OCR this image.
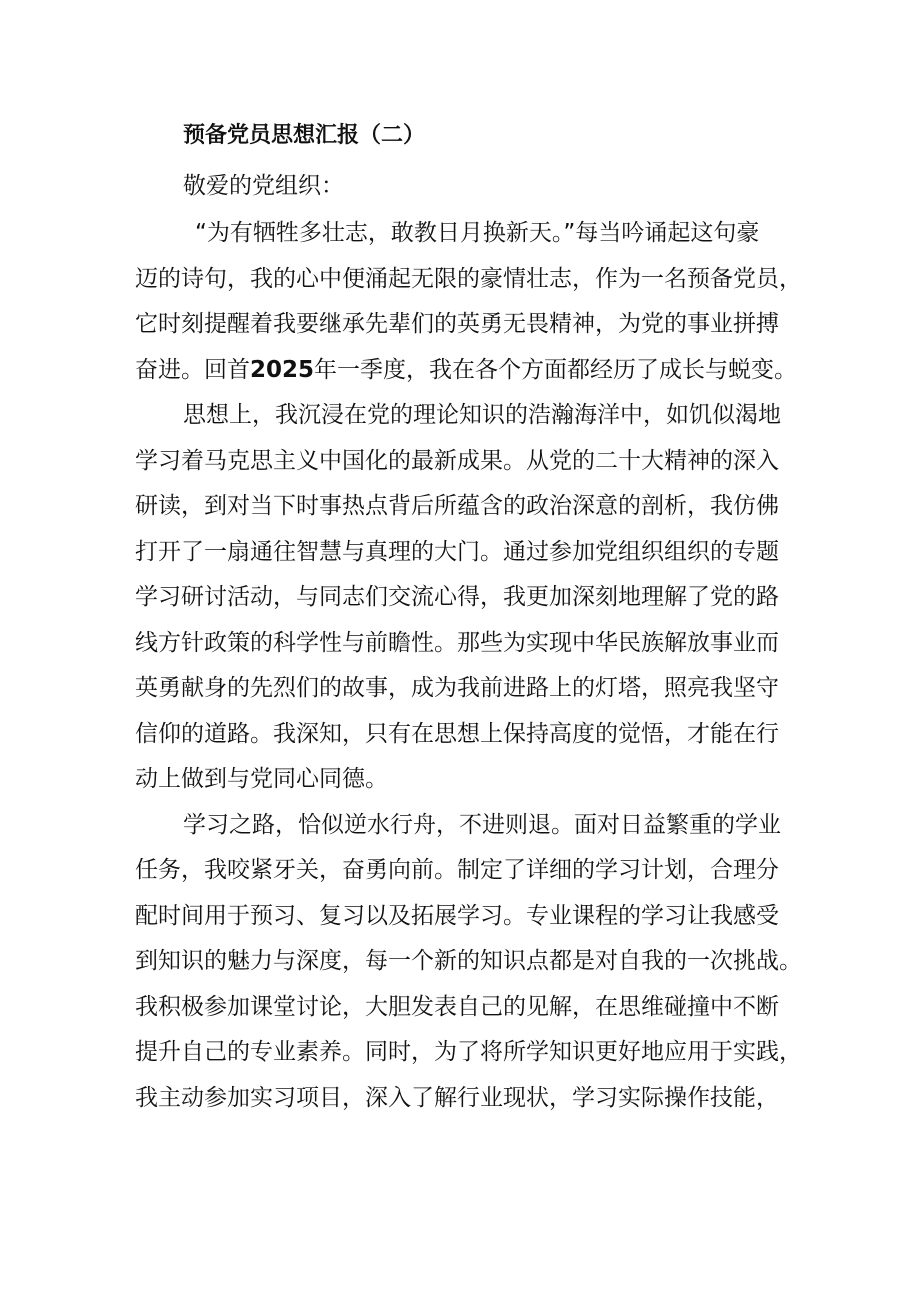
预备党员思想汇报（二）

敬爱的党组织：

“为有牺牲多壮志，敢教日月换新天。”每当吟诵起这句豪
迈的诗句，我的心中便涌起无限的豪情壮志，作为一名预备党员，
它时刻提醒着我要继承先辈们的英勇无畏精神，为党的事业拼搏
奋进。回首2025年一季度，我在各个方面都经历了成长与蜕变。
思想上，我沉浸在党的理论知识的浩瀚海洋中，如饥似渴地
学习着马克思主义中国化的最新成果。从党的二十大精神的深入
研读，到对当下时事热点背后所蕴含的政治深意的剖析，我仿佛
打开了一扇通往智慧与真理的大门。通过参加党组织组织的专题
学习研讨活动，与同志们交流心得，我更加深刻地理解了党的路
线方针政策的科学性与前瞻性。那些为实现中华民族解放事业而
英勇献身的先烈们的故事，成为我前进路上的灯塔，照亮我坚守
信仰的道路。我深知，只有在思想上保持高度的觉悟，才能在行
动上做到与党同心同德。
学习之路，恰似逆水行舟，不进则退。面对日益繁重的学业
任务，我咬紧牙关，奋勇向前。制定了详细的学习计划，合理分
配时间用于预习、复习以及拓展学习。专业课程的学习让我感受
到知识的魅力与深度，每一个新的知识点都是对自我的一次挑战。
我积极参加课堂讨论，大胆发表自己的见解，在思维碰撞中不断
提升自己的专业素养。同时，为了将所学知识更好地应用于实践，
我主动参加实习项目，深入了解行业现状，学习实际操作技能，
